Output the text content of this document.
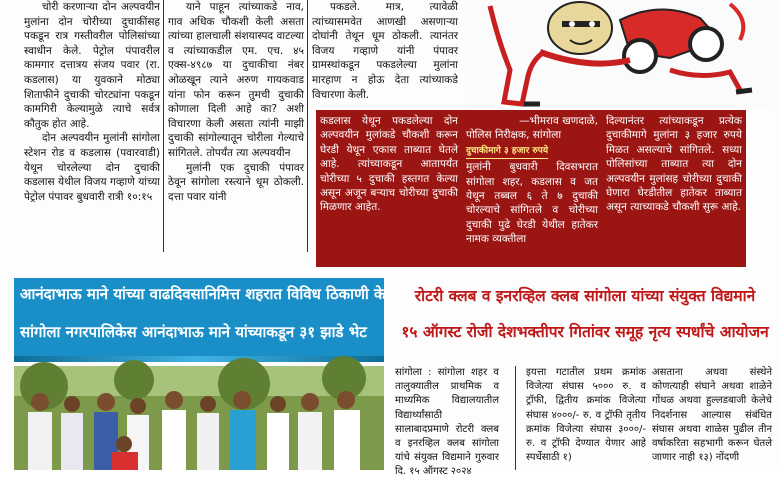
चोरी करणाऱ्या दोन अल्पवयीन मुलांना दोन चोरीच्या दुचाकींसह पकडून रात्र गस्तीवरील पोलिसांच्या स्वाधीन केले. पेट्रोल पंपावरील कामगार दत्तात्रय संजय पवार (रा. कडलास) या युवकाने मोठ्या शिताफीने दुचाकी चोरट्यांना पकडून कामगिरी केल्यामुळे त्याचे सर्वत्र कौतुक होत आहे.

दोन अल्पवयीन मुलांनी सांगोला स्टेशन रोड व कडलास (पवारवाडी) येथून चोरलेल्या दोन दुचाकी कडलास येथील विजय गव्हाणे यांच्या पेट्रोल पंपावर बुधवारी रात्री १०:१५

याने पाहून त्यांच्याकडे नाव, गाव अधिक चौकशी केली असता त्यांच्या हालचाली संशयास्पद वाटल्या व त्यांच्याकडील एम. एच. ४५ एक्स-४९८७ या दुचाकीचा नंबर ओळखून त्याने अरुण गायकवाड यांना फोन करून तुमची दुचाकी कोणाला दिली आहे का? अशी विचारणा केली असता त्यांनी माझी दुचाकी सांगोल्यातून चोरीला गेल्याचे सांगितले. तोपर्यंत त्या अल्पवयीन

मुलांनी एक दुचाकी पंपावर ठेवून सांगोला रस्त्याने धूम ठोकली. दत्ता पवार यांनी

पकडले. मात्र, त्यावेळी त्यांच्यासमवेत आणखी असणाऱ्या दोघांनी तेथून धूम ठोकली. त्यानंतर विजय गव्हाणे यांनी पंपावर ग्रामस्थांकडून पकडलेल्या मुलांना मारहाण न होऊ देता त्यांच्याकडे विचारणा केली.

कडलास येथून पकडलेल्या दोन अल्पवयीन मुलांकडे चौकशी करून घेरडी येथून एकास ताब्यात घेतले आहे. त्यांच्याकडून आतापर्यंत चोरीच्या ५ दुचाकी हस्तगत केल्या असून अजून बऱ्याच चोरीच्या दुचाकी मिळणार आहेत.

—भीमराव खणदाळे,

पोलिस निरीक्षक, सांगोला

दुचाकीमागे ३ हजार रुपये

मुलांनी बुधवारी दिवसभरात सांगोला शहर, कडलास व जत येथून तब्बल ६ ते ७ दुचाकी चोरल्याचे सांगितले व चोरीच्या दुचाकी पुढे घेरडी येथील हातेकर नामक व्यक्तीला

दिल्यानंतर त्यांच्याकडून प्रत्येक दुचाकीमागे मुलांना ३ हजार रुपये मिळत असल्याचे सांगितले. सध्या पोलिसांच्या ताब्यात त्या दोन अल्पवयीन मुलांसह चोरीच्या दुचाकी घेणारा घेरडीतील हातेकर ताब्यात असून त्याच्याकडे चौकशी सुरू आहे.

आनंदाभाऊ माने यांच्या वाढदिवसानिमित्त शहरात विविध ठिकाणी केले वृक्षारोपण
सांगोला नगरपालिकेस आनंदाभाऊ माने यांच्याकडून ३१ झाडे भेट
रोटरी क्लब व इनरव्हिल क्लब सांगोला यांच्या संयुक्त विद्यमाने
१५ ऑगस्ट रोजी देशभक्तीपर गितांवर समूह नृत्य स्पर्धांचे आयोजन

सांगोला : सांगोला शहर व तालुक्यातील प्राथमिक व माध्यमिक विद्यालयातील विद्यार्थ्यांसाठी सालाबादप्रमाणे रोटरी क्लब व इनरव्हिल क्लब सांगोला यांचे संयुक्त विद्यमाने गुरुवार दि. १५ ऑगस्ट २०२४

इयत्ता गटातील प्रथम क्रमांक विजेत्या संघास ५००० रु. व ट्रॉफी, द्वितीय क्रमांक विजेत्या संघास ४०००/- रु. व ट्रॉफी तृतीय क्रमांक विजेत्या संघास ३०००/- रु. व ट्रॉफी देण्यात येणार आहे स्पर्धेसाठी १)

असताना अथवा संस्थेने कोणत्याही संघाने अथवा शाळेने गोंधळ अथवा हुल्लडबाजी केलेचे निदर्शनास आल्यास संबंधित संघास अथवा शाळेस पुढील तीन वर्षाकरिता सहभागी करून घेतले जाणार नाही १३) नोंदणी
